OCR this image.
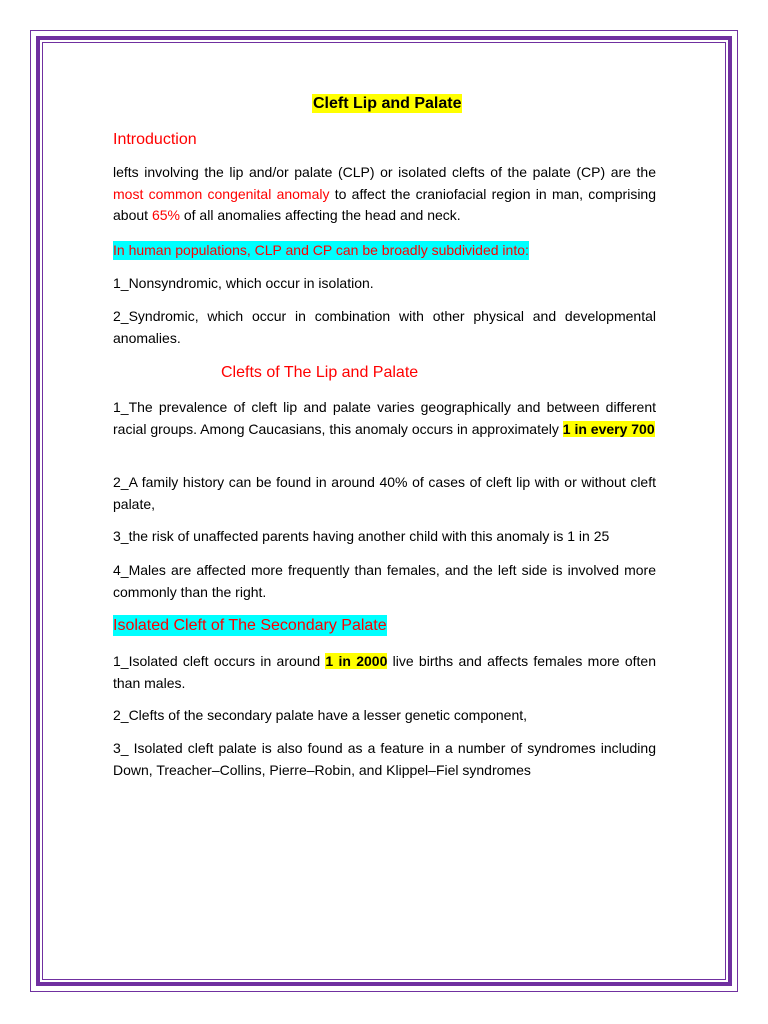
Cleft Lip and Palate
Introduction
lefts involving the lip and/or palate (CLP) or isolated clefts of the palate (CP) are the most common congenital anomaly to affect the craniofacial region in man, comprising about 65% of all anomalies affecting the head and neck.
In human populations, CLP and CP can be broadly subdivided into:
1_Nonsyndromic, which occur in isolation.
2_Syndromic, which occur in combination with other physical and developmental anomalies.
Clefts of The Lip and Palate
1_The prevalence of cleft lip and palate varies geographically and between different racial groups. Among Caucasians, this anomaly occurs in approximately 1 in every 700
2_A family history can be found in around 40% of cases of cleft lip with or without cleft palate,
3_the risk of unaffected parents having another child with this anomaly is 1 in 25
4_Males are affected more frequently than females, and the left side is involved more commonly than the right.
Isolated Cleft of The Secondary Palate
1_Isolated cleft occurs in around 1 in 2000 live births and affects females more often than males.
2_Clefts of the secondary palate have a lesser genetic component,
3_ Isolated cleft palate is also found as a feature in a number of syndromes including Down, Treacher–Collins, Pierre–Robin, and Klippel–Fiel syndromes
